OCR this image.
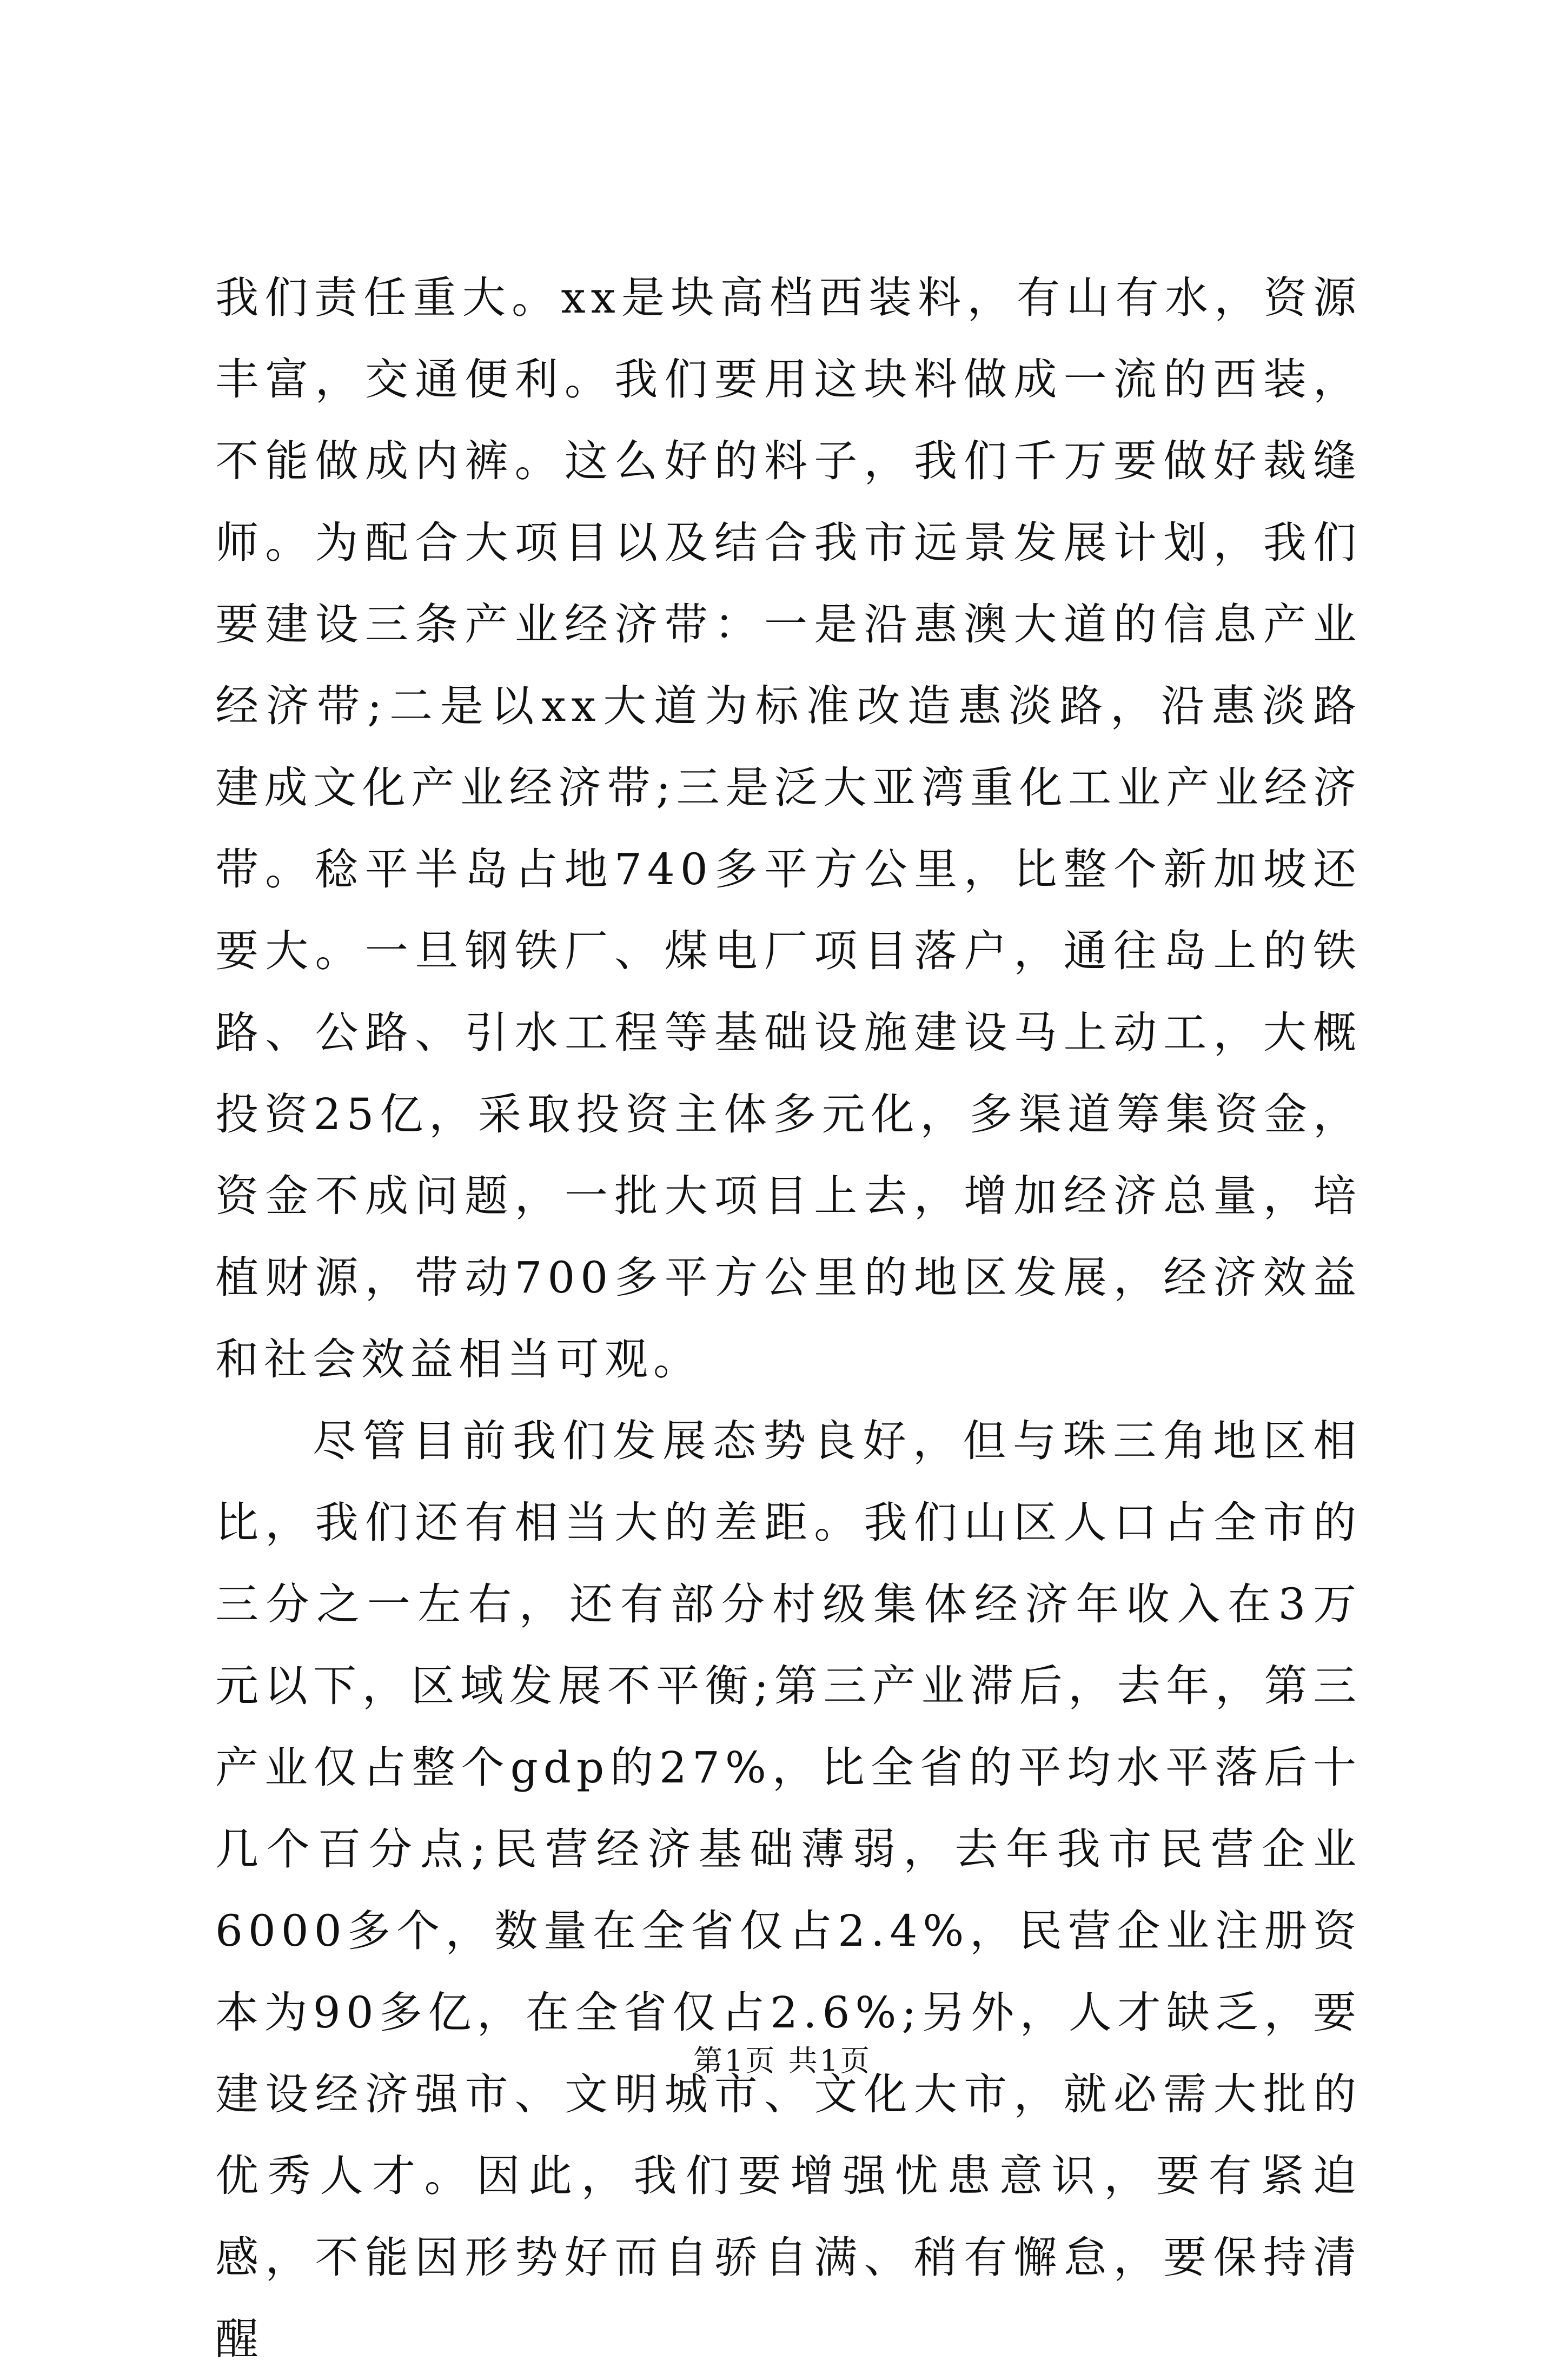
我们责任重大。xx是块高档西装料，有山有水，资源丰富，交通便利。我们要用这块料做成一流的西装，不能做成内裤。这么好的料子，我们千万要做好裁缝师。为配合大项目以及结合我市远景发展计划，我们要建设三条产业经济带：一是沿惠澳大道的信息产业经济带;二是以xx大道为标准改造惠淡路，沿惠淡路建成文化产业经济带;三是泛大亚湾重化工业产业经济带。稔平半岛占地740多平方公里，比整个新加坡还要大。一旦钢铁厂、煤电厂项目落户，通往岛上的铁路、公路、引水工程等基础设施建设马上动工，大概投资25亿，采取投资主体多元化，多渠道筹集资金，资金不成问题，一批大项目上去，增加经济总量，培植财源，带动700多平方公里的地区发展，经济效益和社会效益相当可观。

尽管目前我们发展态势良好，但与珠三角地区相比，我们还有相当大的差距。我们山区人口占全市的三分之一左右，还有部分村级集体经济年收入在3万元以下，区域发展不平衡;第三产业滞后，去年，第三产业仅占整个gdp的27%，比全省的平均水平落后十几个百分点;民营经济基础薄弱，去年我市民营企业6000多个，数量在全省仅占2.4%，民营企业注册资本为90多亿，在全省仅占2.6%;另外，人才缺乏，要建设经济强市、文明城市、文化大市，就必需大批的优秀人才。因此，我们要增强忧患意识，要有紧迫感，不能因形势好而自骄自满、稍有懈怠，要保持清醒

第1页 共1页
